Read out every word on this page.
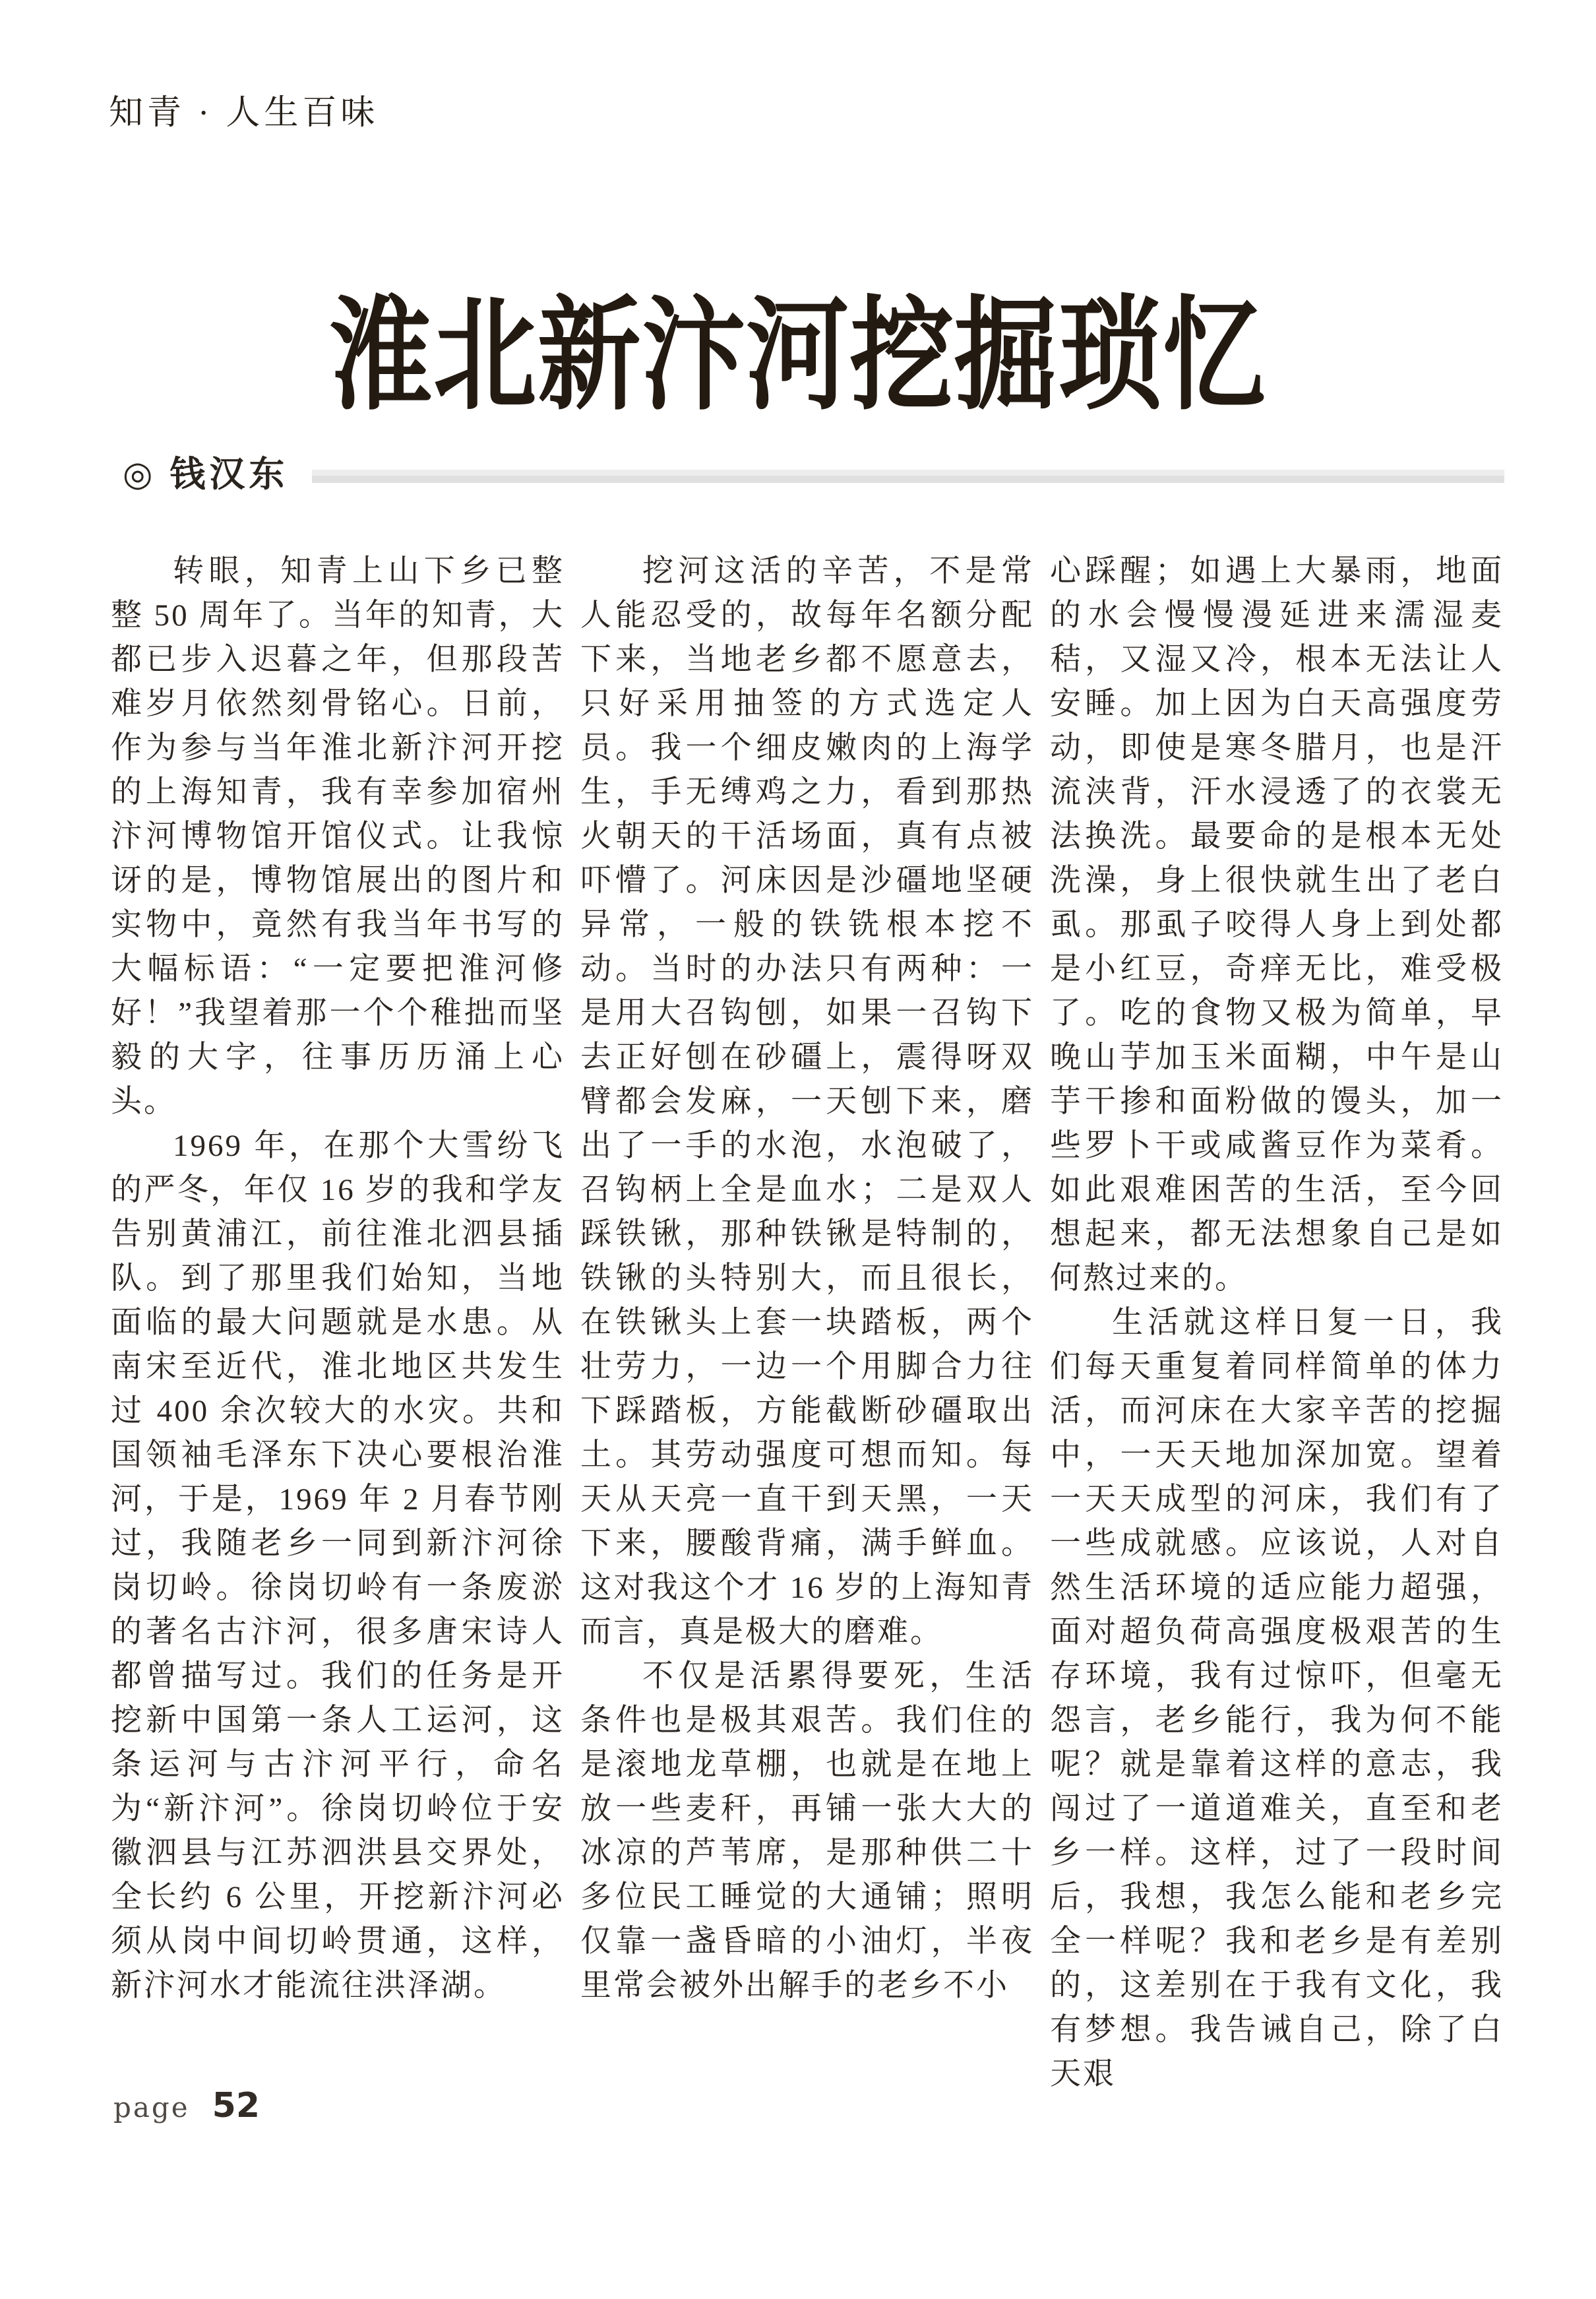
知青 · 人生百味
淮北新汴河挖掘琐忆
◎ 钱汉东

转眼，知青上山下乡已整整 50 周年了。当年的知青，大都已步入迟暮之年，但那段苦难岁月依然刻骨铭心。日前，作为参与当年淮北新汴河开挖的上海知青，我有幸参加宿州汴河博物馆开馆仪式。让我惊讶的是，博物馆展出的图片和实物中，竟然有我当年书写的大幅标语：“一定要把淮河修好！”我望着那一个个稚拙而坚毅的大字，往事历历涌上心头。

1969 年，在那个大雪纷飞的严冬，年仅 16 岁的我和学友告别黄浦江，前往淮北泗县插队。到了那里我们始知，当地面临的最大问题就是水患。从南宋至近代，淮北地区共发生过 400 余次较大的水灾。共和国领袖毛泽东下决心要根治淮河，于是，1969 年 2 月春节刚过，我随老乡一同到新汴河徐岗切岭。徐岗切岭有一条废淤的著名古汴河，很多唐宋诗人都曾描写过。我们的任务是开挖新中国第一条人工运河，这条运河与古汴河平行，命名为“新汴河”。徐岗切岭位于安徽泗县与江苏泗洪县交界处，全长约 6 公里，开挖新汴河必须从岗中间切岭贯通，这样，新汴河水才能流往洪泽湖。

挖河这活的辛苦，不是常人能忍受的，故每年名额分配下来，当地老乡都不愿意去，只好采用抽签的方式选定人员。我一个细皮嫩肉的上海学生，手无缚鸡之力，看到那热火朝天的干活场面，真有点被吓懵了。河床因是沙礓地坚硬异常，一般的铁铣根本挖不动。当时的办法只有两种：一是用大召钩刨，如果一召钩下去正好刨在砂礓上，震得呀双臂都会发麻，一天刨下来，磨出了一手的水泡，水泡破了，召钩柄上全是血水；二是双人踩铁锹，那种铁锹是特制的，铁锹的头特别大，而且很长，在铁锹头上套一块踏板，两个壮劳力，一边一个用脚合力往下踩踏板，方能截断砂礓取出土。其劳动强度可想而知。每天从天亮一直干到天黑，一天下来，腰酸背痛，满手鲜血。这对我这个才 16 岁的上海知青而言，真是极大的磨难。

不仅是活累得要死，生活条件也是极其艰苦。我们住的是滚地龙草棚，也就是在地上放一些麦秆，再铺一张大大的冰凉的芦苇席，是那种供二十多位民工睡觉的大通铺；照明仅靠一盏昏暗的小油灯，半夜里常会被外出解手的老乡不小

心踩醒；如遇上大暴雨，地面的水会慢慢漫延进来濡湿麦秸，又湿又冷，根本无法让人安睡。加上因为白天高强度劳动，即使是寒冬腊月，也是汗流浃背，汗水浸透了的衣裳无法换洗。最要命的是根本无处洗澡，身上很快就生出了老白虱。那虱子咬得人身上到处都是小红豆，奇痒无比，难受极了。吃的食物又极为简单，早晚山芋加玉米面糊，中午是山芋干掺和面粉做的馒头，加一些罗卜干或咸酱豆作为菜肴。如此艰难困苦的生活，至今回想起来，都无法想象自己是如何熬过来的。

生活就这样日复一日，我们每天重复着同样简单的体力活，而河床在大家辛苦的挖掘中，一天天地加深加宽。望着一天天成型的河床，我们有了一些成就感。应该说，人对自然生活环境的适应能力超强，面对超负荷高强度极艰苦的生存环境，我有过惊吓，但毫无怨言，老乡能行，我为何不能呢？就是靠着这样的意志，我闯过了一道道难关，直至和老乡一样。这样，过了一段时间后，我想，我怎么能和老乡完全一样呢？我和老乡是有差别的，这差别在于我有文化，我有梦想。我告诫自己，除了白天艰

page 52
